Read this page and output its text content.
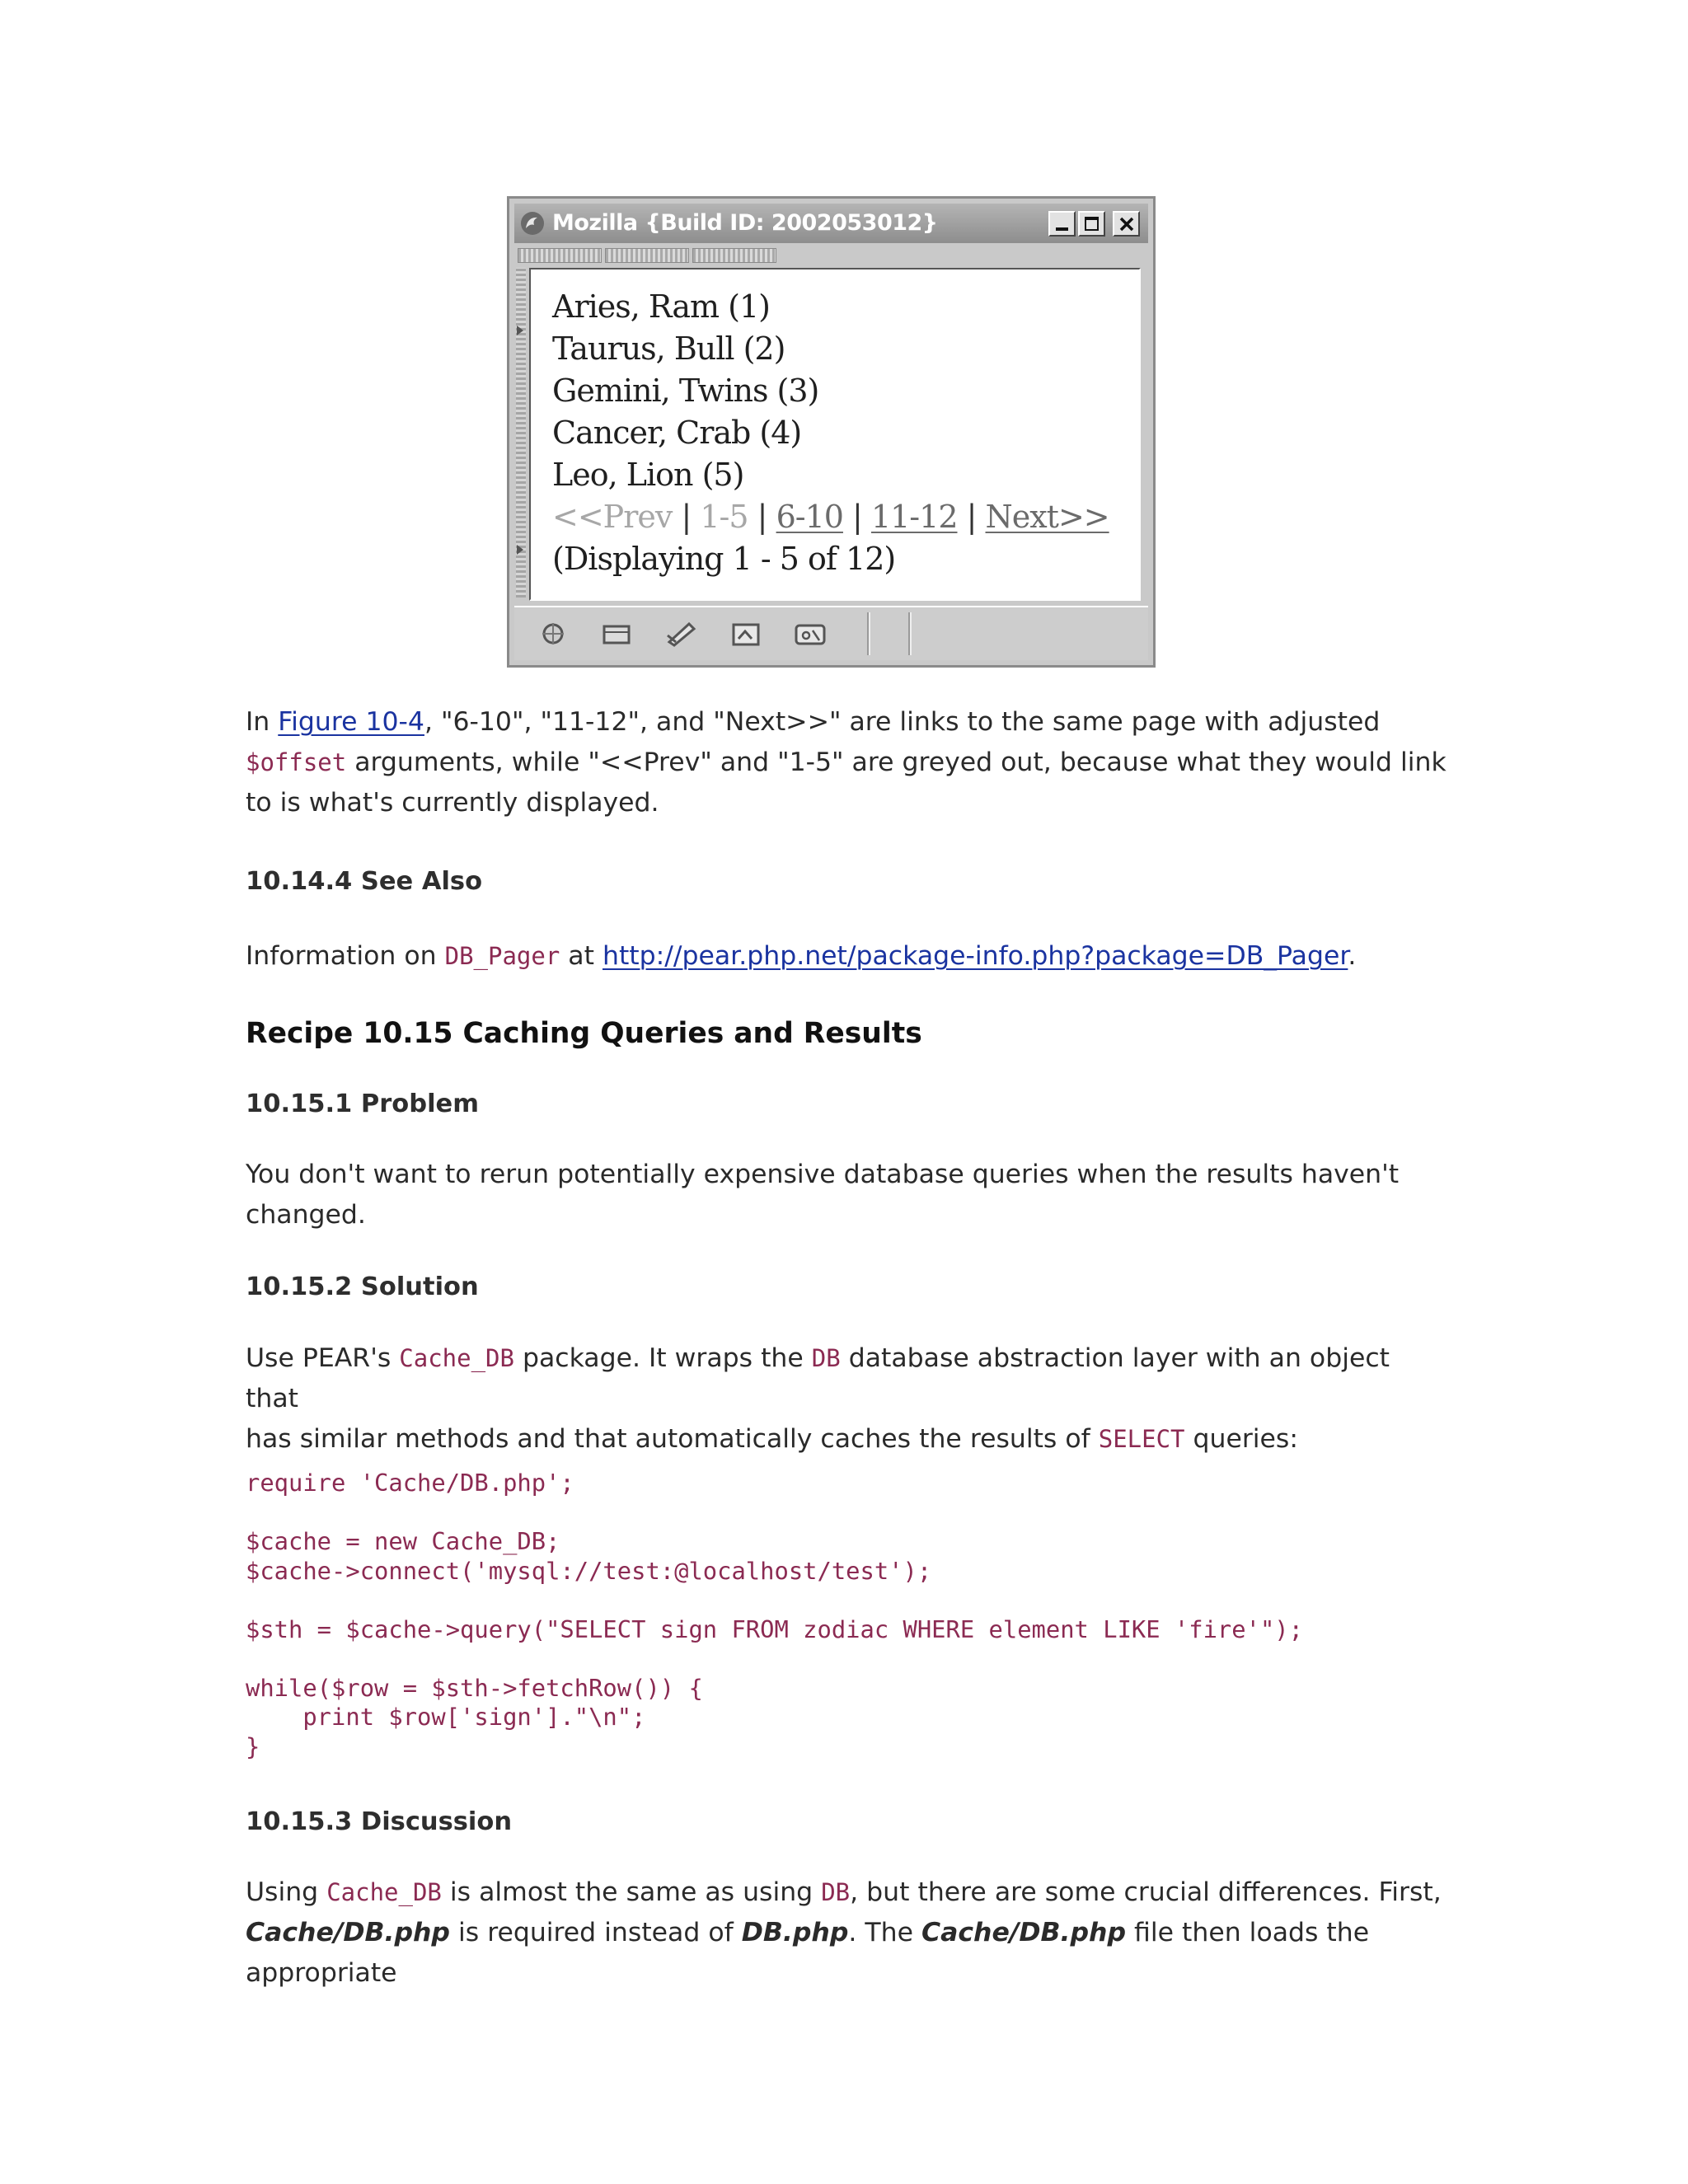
Mozilla {Build ID: 2002053012}
Aries, Ram (1)
Taurus, Bull (2)
Gemini, Twins (3)
Cancer, Crab (4)
Leo, Lion (5)
<<Prev | 1-5 | 6-10 | 11-12 | Next>>
(Displaying 1 - 5 of 12)

In Figure 10-4, "6-10", "11-12", and "Next>>" are links to the same page with adjusted
$offset arguments, while "<<Prev" and "1-5" are greyed out, because what they would link
to is what's currently displayed.

10.14.4 See Also

Information on DB_Pager at http://pear.php.net/package-info.php?package=DB_Pager.

Recipe 10.15 Caching Queries and Results
10.15.1 Problem

You don't want to rerun potentially expensive database queries when the results haven't
changed.

10.15.2 Solution

Use PEAR's Cache_DB package. It wraps the DB database abstraction layer with an object that
has similar methods and that automatically caches the results of SELECT queries:

require 'Cache/DB.php';

$cache = new Cache_DB;
$cache->connect('mysql://test:@localhost/test');

$sth = $cache->query("SELECT sign FROM zodiac WHERE element LIKE 'fire'");

while($row = $sth->fetchRow()) {
print $row['sign']."\n";
}
10.15.3 Discussion

Using Cache_DB is almost the same as using DB, but there are some crucial differences. First,
Cache/DB.php is required instead of DB.php. The Cache/DB.php file then loads the appropriate
